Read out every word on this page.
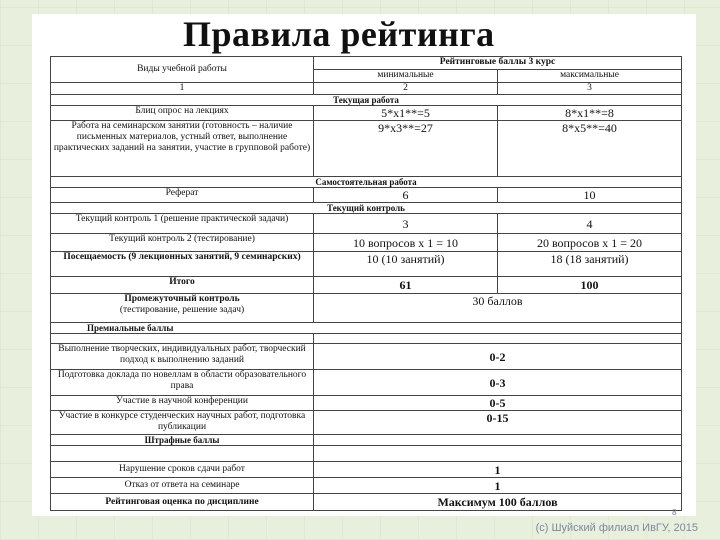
Правила рейтинга
Виды учебной работы	Рейтинговые баллы 3 курс	
	минимальные	максимальные
1	2	3
Текущая работа		
Блиц опрос на лекциях	5*х1**=5	8*х1**=8
Работа на семинарском занятии (готовность – наличие письменных материалов, устный ответ, выполнение практических заданий на занятии, участие в групповой работе)	9*х3**=27	8*х5**=40
Самостоятельная работа		
Реферат	6	10
Текущий контроль		
Текущий контроль 1 (решение практической задачи)	3	4
Текущий контроль 2 (тестирование)	10 вопросов х 1 = 10	20 вопросов х 1 = 20
Посещаемость (9 лекционных занятий, 9 семинарских)	10 (10 занятий)	18 (18 занятий)
Итого	61	100
Промежуточный контроль
(тестирование, решение задач)	30 баллов	
Премиальные баллы		

Выполнение творческих, индивидуальных работ, творческий подход к выполнению заданий	0-2	
Подготовка доклада по новеллам в области образовательного права	0-3	
Участие в научной конференции	0-5	
Участие в конкурсе студенческих научных работ, подготовка публикации	0-15	
Штрафные баллы		

Нарушение сроков сдачи работ	1	
Отказ от ответа на семинаре	1	
Рейтинговая оценка по дисциплине	Максимум 100 баллов	
8
(с) Шуйский филиал ИвГУ, 2015
